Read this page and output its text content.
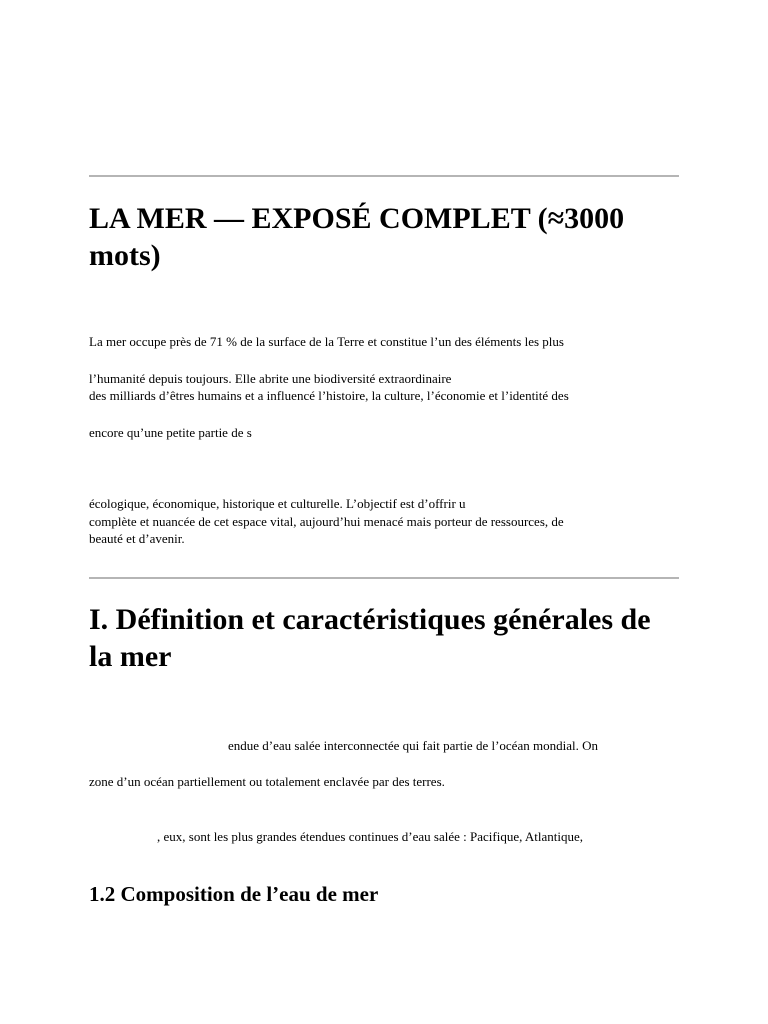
LA MER — EXPOSÉ COMPLET (≈3000
mots)

La mer occupe près de 71 % de la surface de la Terre et constitue l’un des éléments les plus

l’humanité depuis toujours. Elle abrite une biodiversité extraordinaire

des milliards d’êtres humains et a influencé l’histoire, la culture, l’économie et l’identité des

encore qu’une petite partie de s

écologique, économique, historique et culturelle. L’objectif est d’offrir u

complète et nuancée de cet espace vital, aujourd’hui menacé mais porteur de ressources, de

beauté et d’avenir.

I. Définition et caractéristiques générales de
la mer

endue d’eau salée interconnectée qui fait partie de l’océan mondial. On

zone d’un océan partiellement ou totalement enclavée par des terres.

, eux, sont les plus grandes étendues continues d’eau salée : Pacifique, Atlantique,

1.2 Composition de l’eau de mer
